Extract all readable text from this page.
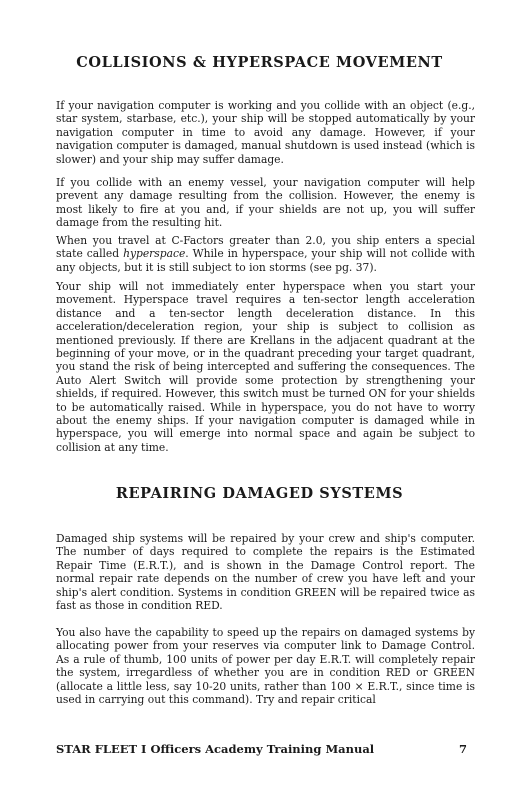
COLLISIONS & HYPERSPACE MOVEMENT

If your navigation computer is working and you collide with an object (e.g., star system, starbase, etc.), your ship will be stopped automatically by your navigation computer in time to avoid any damage. However, if your navigation computer is damaged, manual shutdown is used instead (which is slower) and your ship may suffer damage.

If you collide with an enemy vessel, your navigation computer will help prevent any damage resulting from the collision. However, the enemy is most likely to fire at you and, if your shields are not up, you will suffer damage from the resulting hit.

When you travel at C-Factors greater than 2.0, you ship enters a special state called hyperspace. While in hyperspace, your ship will not collide with any objects, but it is still subject to ion storms (see pg. 37).

Your ship will not immediately enter hyperspace when you start your movement. Hyperspace travel requires a ten-sector length acceleration distance and a ten-sector length deceleration distance. In this acceleration/deceleration region, your ship is subject to collision as mentioned previously. If there are Krellans in the adjacent quadrant at the beginning of your move, or in the quadrant preceding your target quadrant, you stand the risk of being intercepted and suffering the consequences. The Auto Alert Switch will provide some protection by strengthening your shields, if required. However, this switch must be turned ON for your shields to be automatically raised. While in hyperspace, you do not have to worry about the enemy ships. If your navigation computer is damaged while in hyperspace, you will emerge into normal space and again be subject to collision at any time.

REPAIRING DAMAGED SYSTEMS

Damaged ship systems will be repaired by your crew and ship's computer. The number of days required to complete the repairs is the Estimated Repair Time (E.R.T.), and is shown in the Damage Control report. The normal repair rate depends on the number of crew you have left and your ship's alert condition. Systems in condition GREEN will be repaired twice as fast as those in condition RED.

You also have the capability to speed up the repairs on damaged systems by allocating power from your reserves via computer link to Damage Control. As a rule of thumb, 100 units of power per day E.R.T. will completely repair the system, irregardless of whether you are in condition RED or GREEN (allocate a little less, say 10-20 units, rather than 100 × E.R.T., since time is used in carrying out this command). Try and repair critical

STAR FLEET I Officers Academy Training Manual	7
